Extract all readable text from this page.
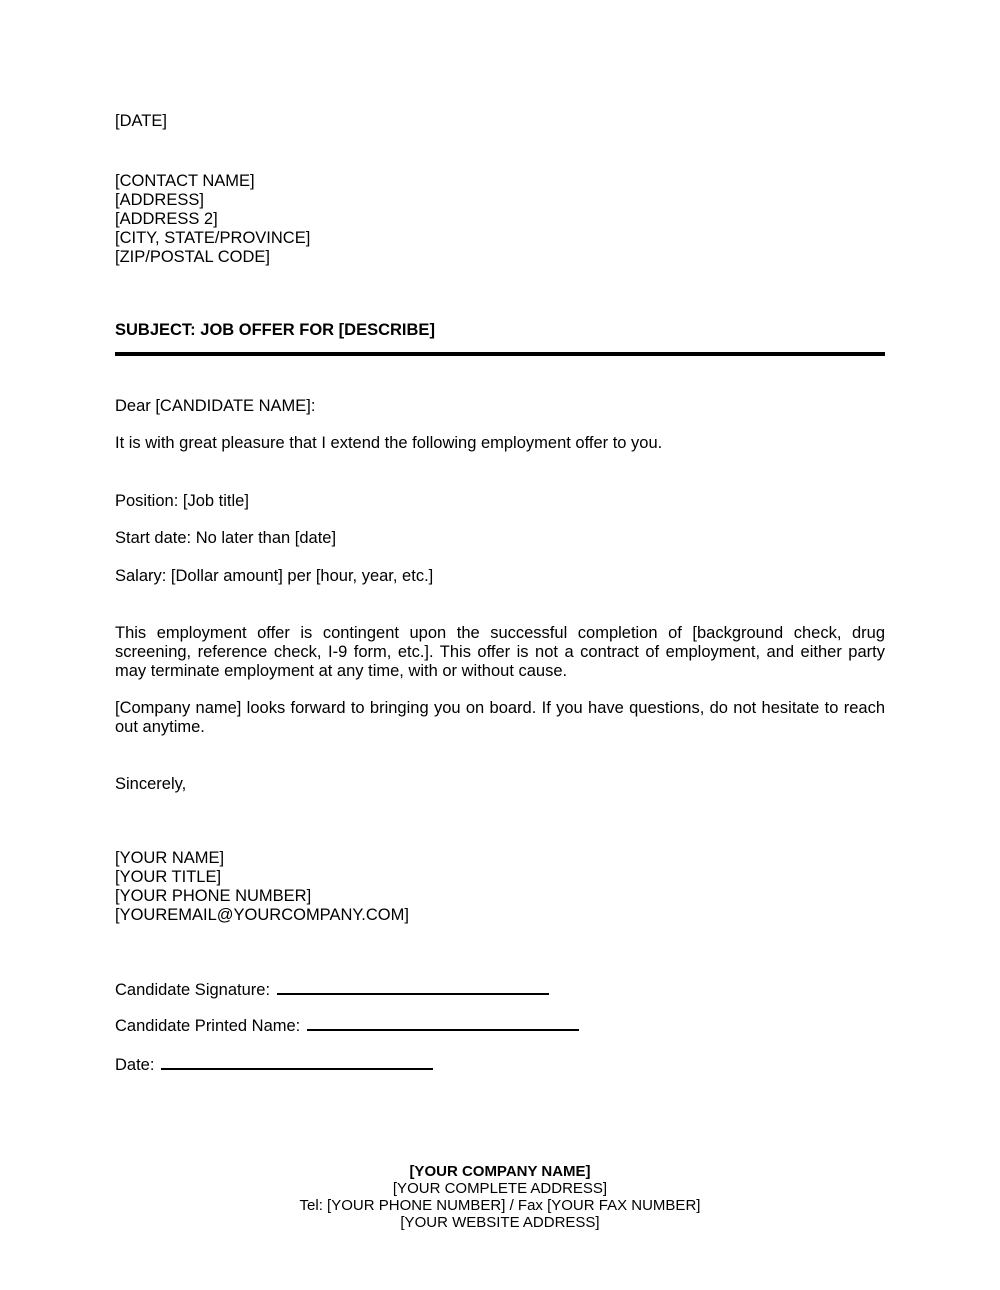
[DATE]
[CONTACT NAME]
[ADDRESS]
[ADDRESS 2]
[CITY, STATE/PROVINCE]
[ZIP/POSTAL CODE]
SUBJECT: JOB OFFER FOR [DESCRIBE]
Dear [CANDIDATE NAME]:
It is with great pleasure that I extend the following employment offer to you.
Position: [Job title]
Start date: No later than [date]
Salary: [Dollar amount] per [hour, year, etc.]
This employment offer is contingent upon the successful completion of [background check, drug screening, reference check, I-9 form, etc.]. This offer is not a contract of employment, and either party may terminate employment at any time, with or without cause.
[Company name] looks forward to bringing you on board. If you have questions, do not hesitate to reach out anytime.
Sincerely,
[YOUR NAME]
[YOUR TITLE]
[YOUR PHONE NUMBER]
[YOUREMAIL@YOURCOMPANY.COM]
Candidate Signature:
Candidate Printed Name:
Date:
[YOUR COMPANY NAME]
[YOUR COMPLETE ADDRESS]
Tel: [YOUR PHONE NUMBER] / Fax [YOUR FAX NUMBER]
[YOUR WEBSITE ADDRESS]
